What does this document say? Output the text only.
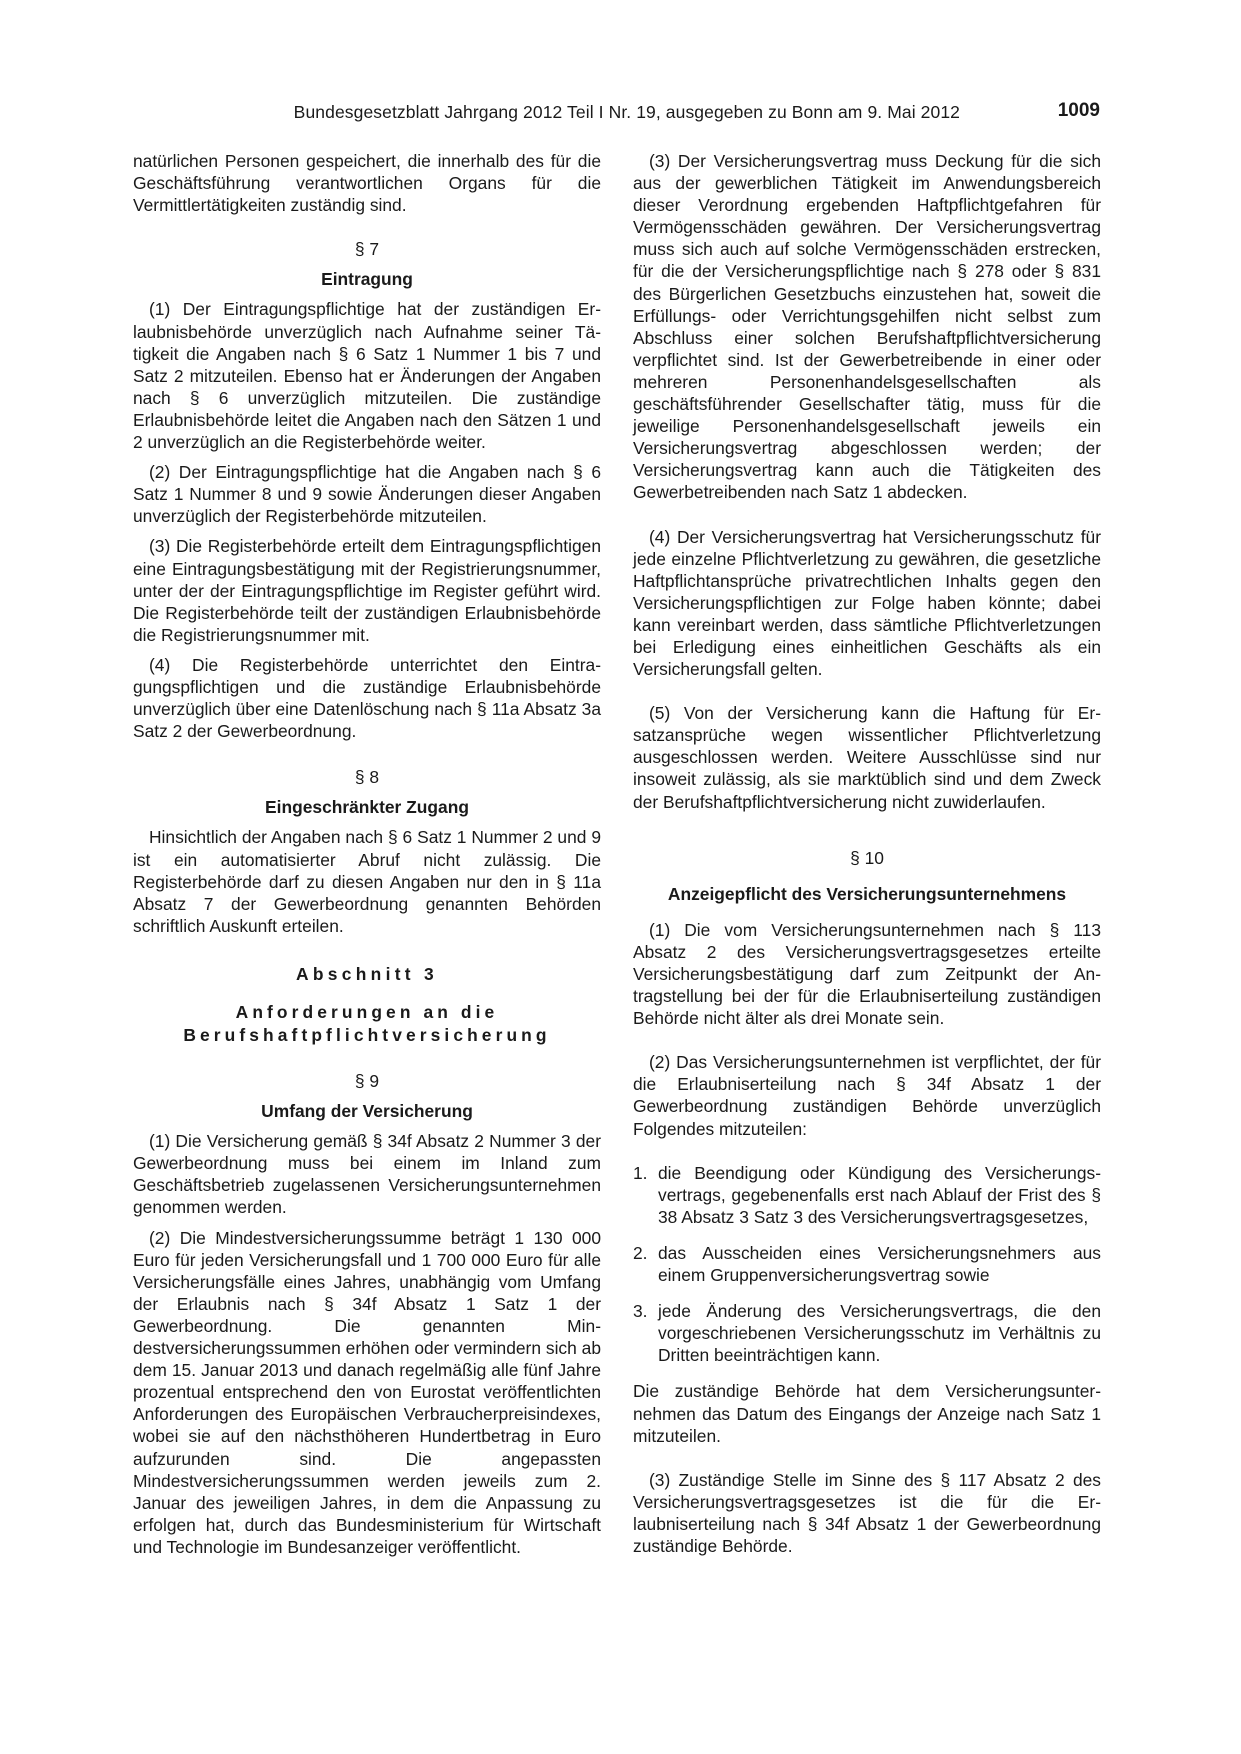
Bundesgesetzblatt Jahrgang 2012 Teil I Nr. 19, ausgegeben zu Bonn am 9. Mai 2012	1009

natürlichen Personen gespeichert, die innerhalb des für die Geschäftsführung verantwortlichen Organs für die Vermittlertätigkeiten zuständig sind.

§ 7
Eintragung

(1) Der Eintragungspflichtige hat der zuständigen Erlaubnisbehörde unverzüglich nach Aufnahme seiner Tätigkeit die Angaben nach § 6 Satz 1 Nummer 1 bis 7 und Satz 2 mitzuteilen. Ebenso hat er Änderungen der Angaben nach § 6 unverzüglich mitzuteilen. Die zuständige Erlaubnisbehörde leitet die Angaben nach den Sätzen 1 und 2 unverzüglich an die Registerbehörde weiter.

(2) Der Eintragungspflichtige hat die Angaben nach § 6 Satz 1 Nummer 8 und 9 sowie Änderungen dieser Angaben unverzüglich der Registerbehörde mitzuteilen.

(3) Die Registerbehörde erteilt dem Eintragungspflichtigen eine Eintragungsbestätigung mit der Registrierungsnummer, unter der der Eintragungspflichtige im Register geführt wird. Die Registerbehörde teilt der zuständigen Erlaubnisbehörde die Registrierungsnummer mit.

(4) Die Registerbehörde unterrichtet den Eintragungspflichtigen und die zuständige Erlaubnisbehörde unverzüglich über eine Datenlöschung nach § 11a Absatz 3a Satz 2 der Gewerbeordnung.

§ 8
Eingeschränkter Zugang

Hinsichtlich der Angaben nach § 6 Satz 1 Nummer 2 und 9 ist ein automatisierter Abruf nicht zulässig. Die Registerbehörde darf zu diesen Angaben nur den in § 11a Absatz 7 der Gewerbeordnung genannten Behörden schriftlich Auskunft erteilen.

Abschnitt 3
Anforderungen an die
Berufshaftpflichtversicherung
§ 9
Umfang der Versicherung

(1) Die Versicherung gemäß § 34f Absatz 2 Nummer 3 der Gewerbeordnung muss bei einem im Inland zum Geschäftsbetrieb zugelassenen Versicherungsunternehmen genommen werden.

(2) Die Mindestversicherungssumme beträgt 1 130 000 Euro für jeden Versicherungsfall und 1 700 000 Euro für alle Versicherungsfälle eines Jahres, unabhängig vom Umfang der Erlaubnis nach § 34f Absatz 1 Satz 1 der Gewerbeordnung. Die genannten Mindestversicherungssummen erhöhen oder vermindern sich ab dem 15. Januar 2013 und danach regelmäßig alle fünf Jahre prozentual entsprechend den von Eurostat veröffentlichten Anforderungen des Europäischen Verbraucherpreisindexes, wobei sie auf den nächsthöheren Hundertbetrag in Euro aufzurunden sind. Die angepassten Mindestversicherungssummen werden jeweils zum 2. Januar des jeweiligen Jahres, in dem die Anpassung zu erfolgen hat, durch das Bundesministerium für Wirtschaft und Technologie im Bundesanzeiger veröffentlicht.

(3) Der Versicherungsvertrag muss Deckung für die sich aus der gewerblichen Tätigkeit im Anwendungsbereich dieser Verordnung ergebenden Haftpflichtgefahren für Vermögensschäden gewähren. Der Versicherungsvertrag muss sich auch auf solche Vermögensschäden erstrecken, für die der Versicherungspflichtige nach § 278 oder § 831 des Bürgerlichen Gesetzbuchs einzustehen hat, soweit die Erfüllungs- oder Verrichtungsgehilfen nicht selbst zum Abschluss einer solchen Berufshaftpflichtversicherung verpflichtet sind. Ist der Gewerbetreibende in einer oder mehreren Personenhandelsgesellschaften als geschäftsführender Gesellschafter tätig, muss für die jeweilige Personenhandelsgesellschaft jeweils ein Versicherungsvertrag abgeschlossen werden; der Versicherungsvertrag kann auch die Tätigkeiten des Gewerbetreibenden nach Satz 1 abdecken.

(4) Der Versicherungsvertrag hat Versicherungsschutz für jede einzelne Pflichtverletzung zu gewähren, die gesetzliche Haftpflichtansprüche privatrechtlichen Inhalts gegen den Versicherungspflichtigen zur Folge haben könnte; dabei kann vereinbart werden, dass sämtliche Pflichtverletzungen bei Erledigung eines einheitlichen Geschäfts als ein Versicherungsfall gelten.

(5) Von der Versicherung kann die Haftung für Ersatzansprüche wegen wissentlicher Pflichtverletzung ausgeschlossen werden. Weitere Ausschlüsse sind nur insoweit zulässig, als sie marktüblich sind und dem Zweck der Berufshaftpflichtversicherung nicht zuwiderlaufen.

§ 10
Anzeigepflicht des Versicherungsunternehmens

(1) Die vom Versicherungsunternehmen nach § 113 Absatz 2 des Versicherungsvertragsgesetzes erteilte Versicherungsbestätigung darf zum Zeitpunkt der Antragstellung bei der für die Erlaubniserteilung zuständigen Behörde nicht älter als drei Monate sein.

(2) Das Versicherungsunternehmen ist verpflichtet, der für die Erlaubniserteilung nach § 34f Absatz 1 der Gewerbeordnung zuständigen Behörde unverzüglich Folgendes mitzuteilen:

1. die Beendigung oder Kündigung des Versicherungsvertrags, gegebenenfalls erst nach Ablauf der Frist des § 38 Absatz 3 Satz 3 des Versicherungsvertragsgesetzes,
2. das Ausscheiden eines Versicherungsnehmers aus einem Gruppenversicherungsvertrag sowie
3. jede Änderung des Versicherungsvertrags, die den vorgeschriebenen Versicherungsschutz im Verhältnis zu Dritten beeinträchtigen kann.

Die zuständige Behörde hat dem Versicherungsunternehmen das Datum des Eingangs der Anzeige nach Satz 1 mitzuteilen.

(3) Zuständige Stelle im Sinne des § 117 Absatz 2 des Versicherungsvertragsgesetzes ist die für die Erlaubniserteilung nach § 34f Absatz 1 der Gewerbeordnung zuständige Behörde.
